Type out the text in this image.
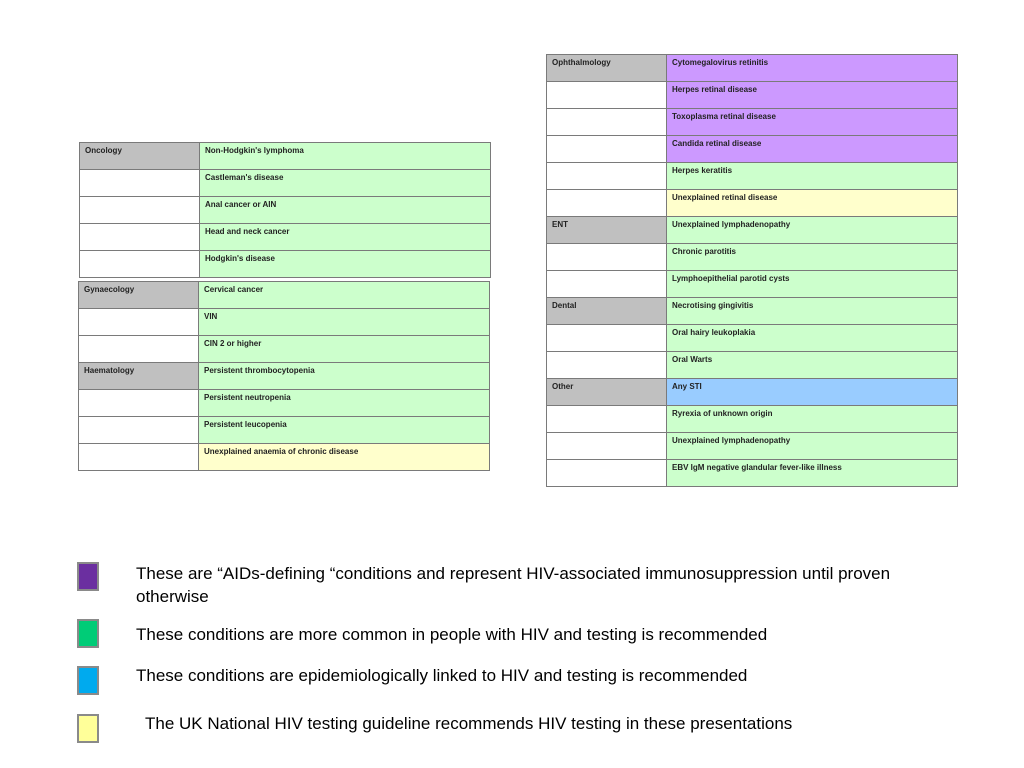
Oncology	Non-Hodgkin's lymphoma
	Castleman's disease
	Anal cancer or AIN
	Head and neck cancer
	Hodgkin's disease
Gynaecology	Cervical cancer
	VIN
	CIN 2 or higher
Haematology	Persistent thrombocytopenia
	Persistent neutropenia
	Persistent leucopenia
	Unexplained anaemia of chronic disease
Ophthalmology	Cytomegalovirus retinitis
	Herpes retinal disease
	Toxoplasma retinal disease
	Candida retinal disease
	Herpes keratitis
	Unexplained retinal disease
ENT	Unexplained lymphadenopathy
	Chronic parotitis
	Lymphoepithelial parotid cysts
Dental	Necrotising gingivitis
	Oral hairy leukoplakia
	Oral Warts
Other	Any STI
	Ryrexia of unknown origin
	Unexplained lymphadenopathy
	EBV IgM negative glandular fever-like illness
These are “AIDs-defining “conditions and represent HIV-associated immunosuppression until proven otherwise
These conditions are more common in people with HIV and testing is recommended
These conditions are epidemiologically linked to HIV and testing is recommended
The UK National HIV testing guideline recommends HIV testing in these presentations
